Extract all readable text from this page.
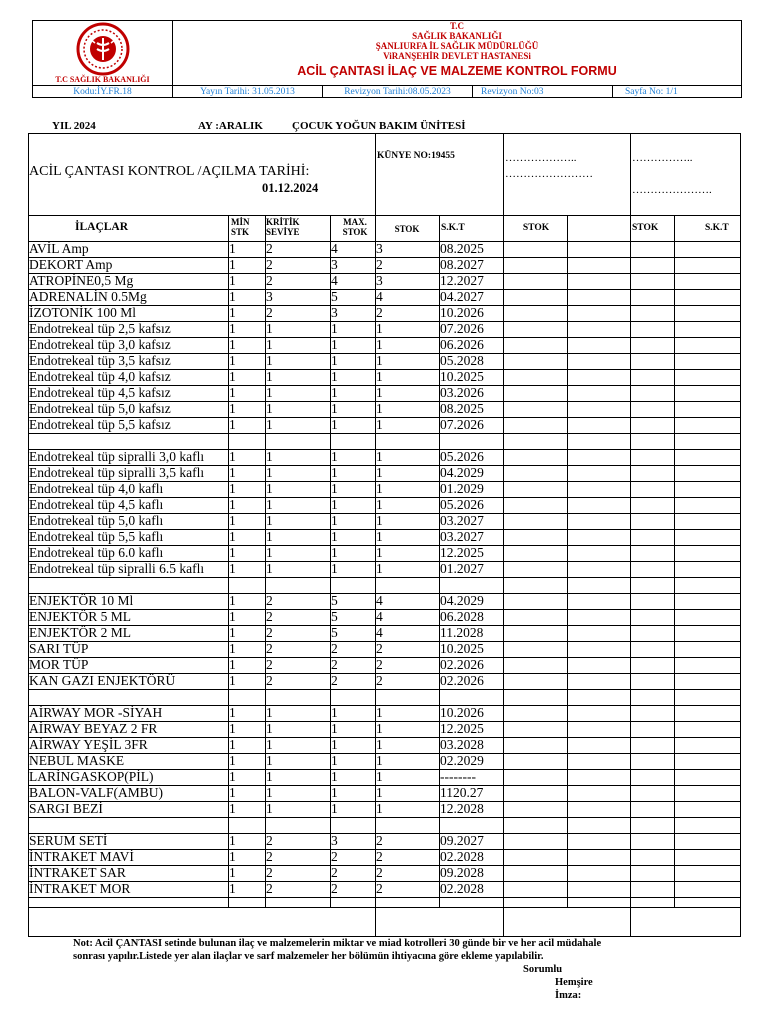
T.C SAĞLIK BAKANLIĞI
T.C
SAĞLIK BAKANLIĞI
ŞANLIURFA İL SAĞLIK MÜDÜRLÜĞÜ
ViRANŞEHİR DEVLET HASTANESi
ACİL ÇANTASI İLAÇ VE MALZEME KONTROL FORMU
Kodu:İY.FR.18	Yayın Tarihi: 31.05.2013	Revizyon Tarihi:08.05.2023	Revizyon No:03	Sayfa No: 1/1
YIL 2024	AY :ARALIK	ÇOCUK YOĞUN BAKIM ÜNİTESİ
ACİL ÇANTASI KONTROL /AÇILMA TARİHİ:
01.12.2024
KÜNYE NO:19455	………………..
……………………
……………..
………………….
İLAÇLAR	MİN STK
KRİTİK SEVİYE
MAX. STOK	STOK	S.K.T	STOK	STOK	S.K.T
AVİL Amp	1 2	4	3	08.2025
DEKORT Amp	1 2	3	2	08.2027
ATROPİNE0,5 Mg	1 2	4	3	12.2027
ADRENALİN 0.5Mg	1 3	5	4	04.2027
İZOTONİK 100 Ml	1 2	3	2	10.2026
Endotrekeal tüp 2,5 kafsız	1 1	1	1	07.2026
Endotrekeal tüp 3,0 kafsız	1 1	1	1	06.2026
Endotrekeal tüp 3,5 kafsız	1 1	1	1	05.2028
Endotrekeal tüp 4,0 kafsız	1 1	1	1	10.2025
Endotrekeal tüp 4,5 kafsız	1 1	1	1	03.2026
Endotrekeal tüp 5,0 kafsız	1 1	1	1	08.2025
Endotrekeal tüp 5,5 kafsız	1 1	1	1	07.2026
Endotrekeal tüp sipralli 3,0 kaflı 1 1	1	1	05.2026
Endotrekeal tüp sipralli 3,5 kaflı 1 1	1	1	04.2029
Endotrekeal tüp 4,0 kaflı	1 1	1	1	01.2029
Endotrekeal tüp 4,5 kaflı	1 1	1	1	05.2026
Endotrekeal tüp 5,0 kaflı	1 1	1	1	03.2027
Endotrekeal tüp 5,5 kaflı	1 1	1	1	03.2027
Endotrekeal tüp 6.0 kaflı	1 1	1	1	12.2025
Endotrekeal tüp sipralli 6.5 kaflı 1 1	1	1	01.2027
ENJEKTÖR 10 Ml	1 2	5	4	04.2029
ENJEKTÖR 5 ML	1 2	5	4	06.2028
ENJEKTÖR 2 ML	1 2	5	4	11.2028
SARI TÜP	1 2	2	2	10.2025
MOR TÜP	1 2	2	2	02.2026
KAN GAZI ENJEKTÖRÜ	1 2	2	2	02.2026
AİRWAY MOR -SİYAH	1 1	1	1	10.2026
AİRWAY BEYAZ 2 FR	1 1	1	1	12.2025
AİRWAY YEŞİL 3FR	1 1	1	1	03.2028
NEBUL MASKE	1 1	1	1	02.2029
LARİNGASKOP(PİL)	1 1	1	1	--------
BALON-VALF(AMBU)	1 1	1	1	1120.27
SARGI BEZİ	1 1	1	1	12.2028
SERUM SETİ	1 2	3	2	09.2027
İNTRAKET MAVİ	1 2	2	2	02.2028
İNTRAKET SAR	1 2	2	2	09.2028
İNTRAKET MOR	1 2	2	2	02.2028
Not: Acil ÇANTASI setinde bulunan ilaç ve malzemelerin miktar ve miad kotrolleri 30 günde bir ve her acil müdahale
sonrası yapılır.Listede yer alan ilaçlar ve sarf malzemeler her bölümün ihtiyacına göre ekleme yapılabilir.
Sorumlu
Hemşire
İmza:
